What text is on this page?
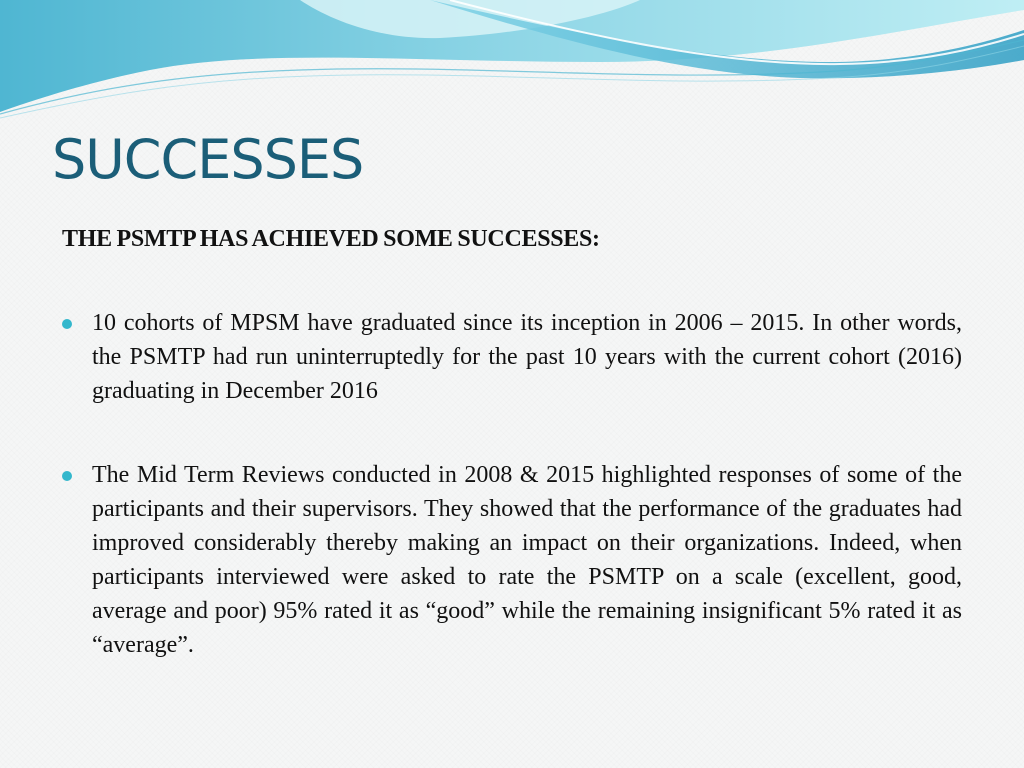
SUCCESSES

THE PSMTP HAS ACHIEVED SOME SUCCESSES:

10 cohorts of MPSM have graduated since its inception in 2006 – 2015. In other words, the PSMTP had run uninterruptedly for the past 10 years with the current cohort (2016) graduating in December 2016
The Mid Term Reviews conducted in 2008 & 2015 highlighted responses of some of the participants and their supervisors. They showed that the performance of the graduates had improved considerably thereby making an impact on their organizations. Indeed, when participants interviewed were asked to rate the PSMTP on a scale (excellent, good, average and poor) 95% rated it as “good” while the remaining insignificant 5% rated it as “average”.
